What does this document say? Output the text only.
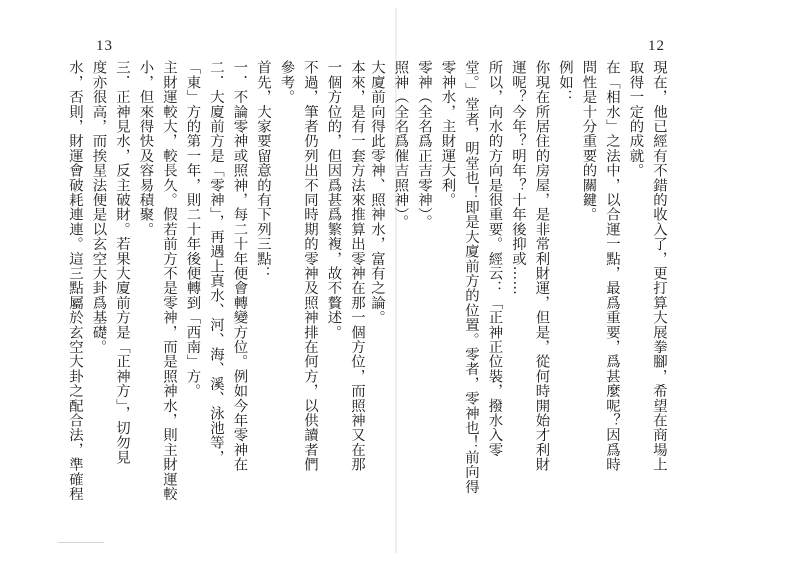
13	12
本來，是有一套方法來推算出零神在那一個方位，而照神又在那
一個方位的，但因爲甚爲繁複，故不贅述。
不過，筆者仍列出不同時期的零神及照神排在何方，以供讀者們
參考。
首先，大家要留意的有下列三點：
一．不論零神或照神，每二十年便會轉變方位。例如今年零神在
二．大廈前方是「零神」，再遇上真水、河、海、溪、泳池等，
「東」方的第一年，則二十年後便轉到「西南」方。
主財運較大，較長久。假若前方不是零神，而是照神水，則主財運較
小，但來得快及容易積聚。
三．正神見水，反主破財。若果大廈前方是「正神方」，切勿見
度亦很高，而挨星法便是以玄空大卦爲基礎。
水，否則，財運會破耗連連。這三點屬於玄空大卦之配合法，準確程	現在，他已經有不錯的收入了，更打算大展拳腳，希望在商場上
取得一定的成就。
在「相水」之法中，以合運一點，最爲重要，爲甚麼呢？因爲時
問性是十分重要的關鍵。
例如：
你現在所居住的房屋，是非常利財運，但是，從何時開始才利財
運呢？今年？明年？十年後抑或……
所以，向水的方向是很重要。經云：「正神正位裝，撥水入零
堂。」堂者，明堂也！即是大廈前方的位置。零者，零神也！前向得
零神水，主財運大利。
零神（全名爲正吉零神）。
照神（全名爲催吉照神）。
大廈前向得此零神、照神水，富有之論。
